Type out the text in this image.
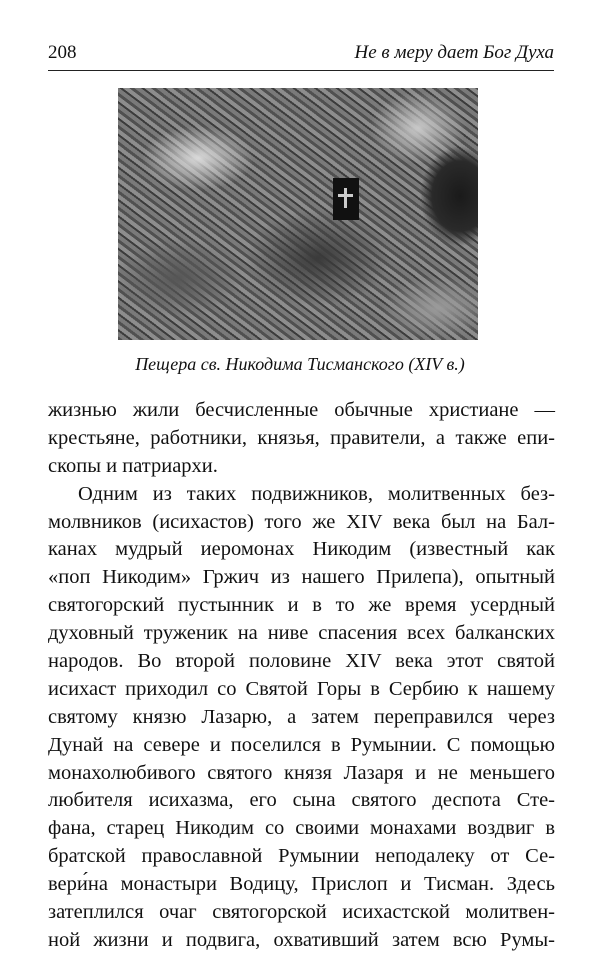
208	Не в меру дает Бог Духа
Пещера св. Никодима Тисманского (XIV в.)
жизнью жили бесчисленные обычные христиане —
крестьяне, работники, князья, правители, а также епи-
скопы и патриархи.
Одним из таких подвижников, молитвенных без-
молвников (исихастов) того же XIV века был на Бал-
канах мудрый иеромонах Никодим (известный как
«поп Никодим» Гржич из нашего Прилепа), опытный
святогорский пустынник и в то же время усердный
духовный труженик на ниве спасения всех балканских
народов. Во второй половине XIV века этот святой
исихаст приходил со Святой Горы в Сербию к нашему
святому князю Лазарю, а затем переправился через
Дунай на севере и поселился в Румынии. С помощью
монахолюбивого святого князя Лазаря и не меньшего
любителя исихазма, его сына святого деспота Сте-
фана, старец Никодим со своими монахами воздвиг в
братской православной Румынии неподалеку от Се-
вери́на монастыри Водицу, Прислоп и Тисман. Здесь
затеплился очаг святогорской исихастской молитвен-
ной жизни и подвига, охвативший затем всю Румы-
